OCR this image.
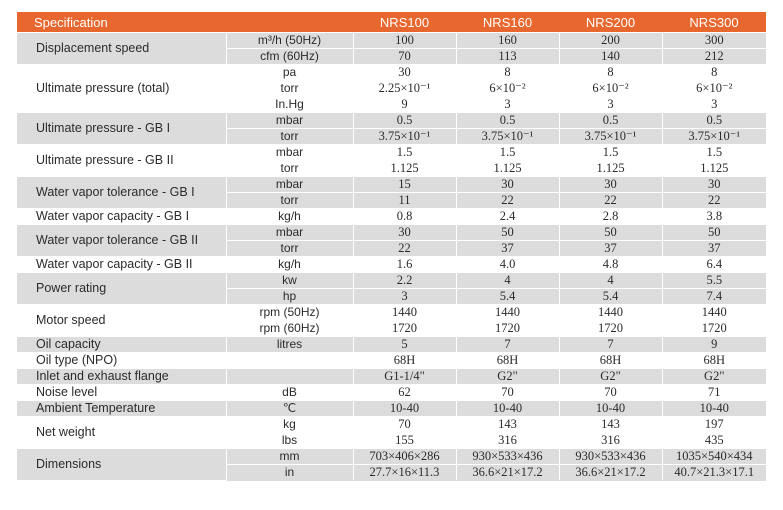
Specification		NRS100	NRS160	NRS200	NRS300
Displacement speed	m³/h (50Hz)	100	160	200	300
	cfm (60Hz)	70	113	140	212
Ultimate pressure (total)	pa	30	8	8	8
	torr	2.25×10⁻¹	6×10⁻²	6×10⁻²	6×10⁻²
	In.Hg	9	3	3	3
Ultimate pressure - GB I	mbar	0.5	0.5	0.5	0.5
	torr	3.75×10⁻¹	3.75×10⁻¹	3.75×10⁻¹	3.75×10⁻¹
Ultimate pressure - GB II	mbar	1.5	1.5	1.5	1.5
	torr	1.125	1.125	1.125	1.125
Water vapor tolerance - GB I	mbar	15	30	30	30
	torr	11	22	22	22
Water vapor capacity - GB I	kg/h	0.8	2.4	2.8	3.8
Water vapor tolerance - GB II	mbar	30	50	50	50
	torr	22	37	37	37
Water vapor capacity - GB II	kg/h	1.6	4.0	4.8	6.4
Power rating	kw	2.2	4	4	5.5
	hp	3	5.4	5.4	7.4
Motor speed	rpm (50Hz)	1440	1440	1440	1440
	rpm (60Hz)	1720	1720	1720	1720
Oil capacity	litres	5	7	7	9
Oil type (NPO)		68H	68H	68H	68H
Inlet and exhaust flange		G1-1/4"	G2"	G2"	G2"
Noise level	dB	62	70	70	71
Ambient Temperature	℃	10-40	10-40	10-40	10-40
Net weight	kg	70	143	143	197
	lbs	155	316	316	435
Dimensions	mm	703×406×286	930×533×436	930×533×436	1035×540×434
	in	27.7×16×11.3	36.6×21×17.2	36.6×21×17.2	40.7×21.3×17.1
